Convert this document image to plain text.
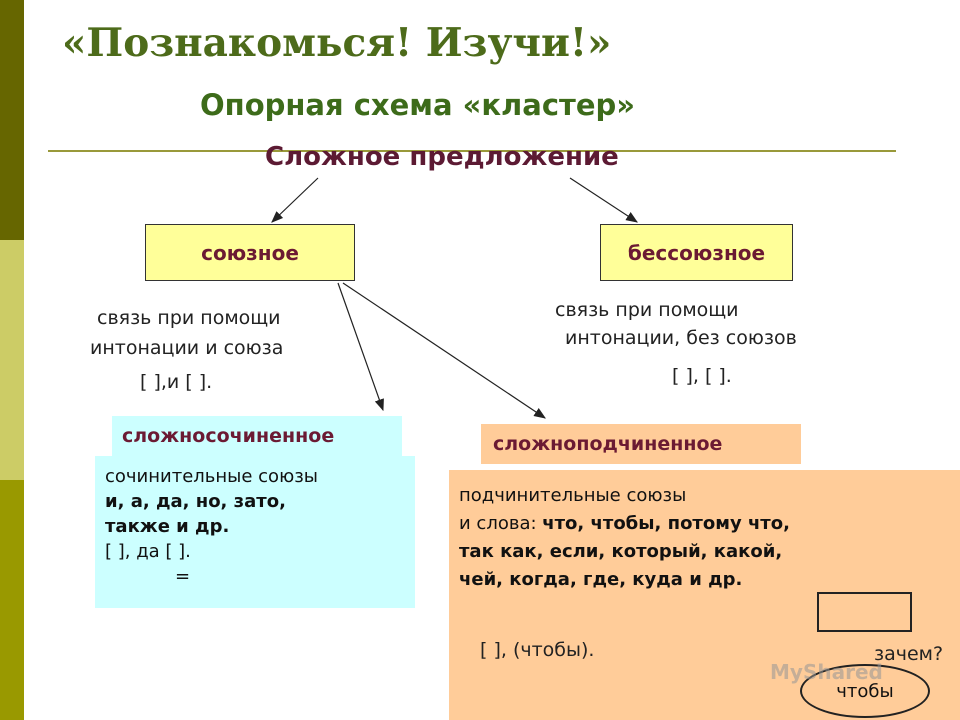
«Познакомься! Изучи!»
Опорная схема «кластер»
Сложное предложение
союзное	бессоюзное
связь при помощи
интонации и союза
[ ],и [ ].
связь при помощи
интонации, без союзов
[ ], [ ].
сложносочиненное
сочинительные союзы
и, а, да, но, зато,
также и др.
[ ], да [ ].
=
сложноподчиненное
подчинительные союзы
и слова: что, чтобы, потому что,
так как, если, который, какой,
чей, когда, где, куда и др.
[ ], (чтобы).	зачем?
чтобы
MyShared
